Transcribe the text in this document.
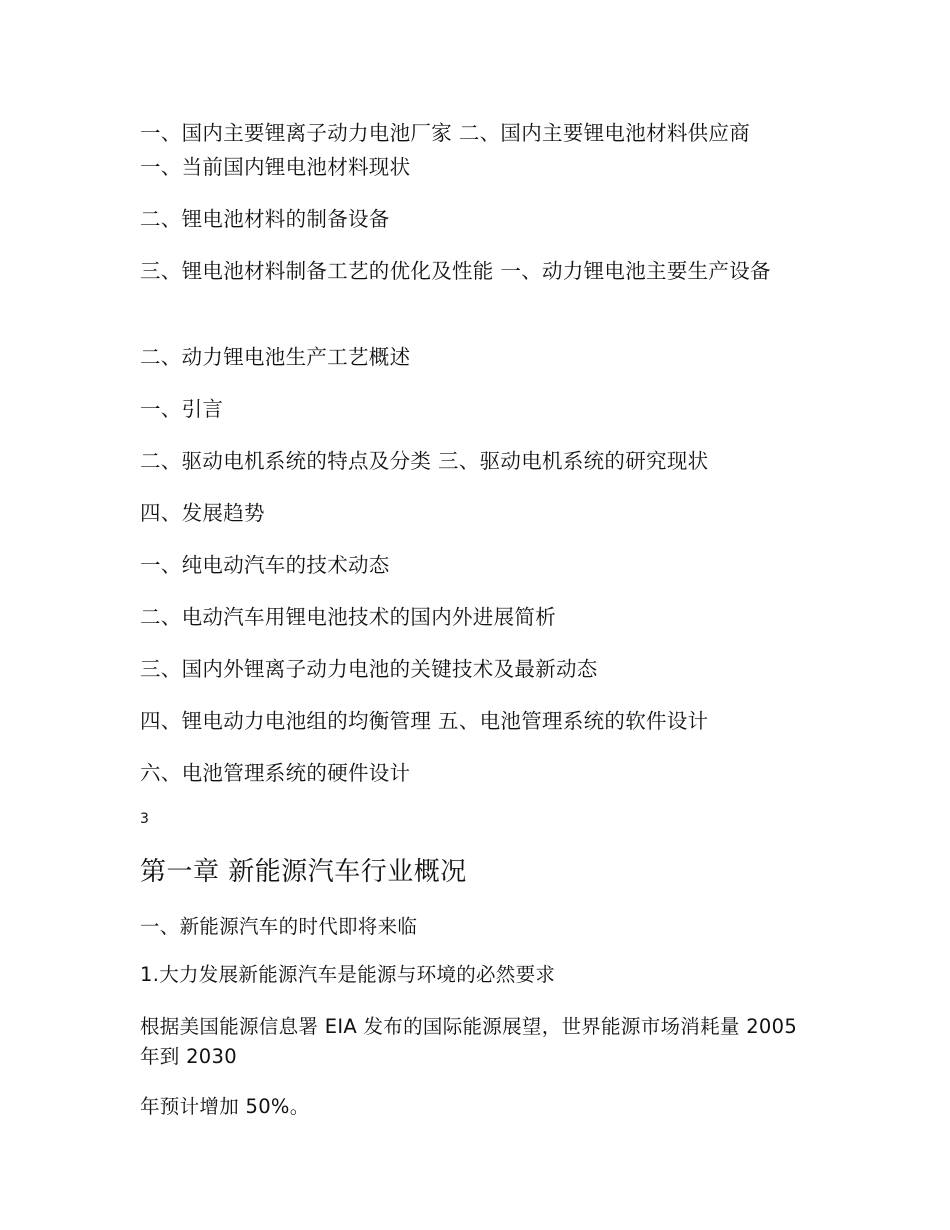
一、国内主要锂离子动力电池厂家 二、国内主要锂电池材料供应商
一、当前国内锂电池材料现状
二、锂电池材料的制备设备
三、锂电池材料制备工艺的优化及性能 一、动力锂电池主要生产设备
二、动力锂电池生产工艺概述
一、引言
二、驱动电机系统的特点及分类 三、驱动电机系统的研究现状
四、发展趋势
一、纯电动汽车的技术动态
二、电动汽车用锂电池技术的国内外进展简析
三、国内外锂离子动力电池的关键技术及最新动态
四、锂电动力电池组的均衡管理 五、电池管理系统的软件设计
六、电池管理系统的硬件设计
3
第一章 新能源汽车行业概况
一、新能源汽车的时代即将来临
1.大力发展新能源汽车是能源与环境的必然要求
根据美国能源信息署 EIA 发布的国际能源展望，世界能源市场消耗量 2005 年到 2030
年预计增加 50%。
